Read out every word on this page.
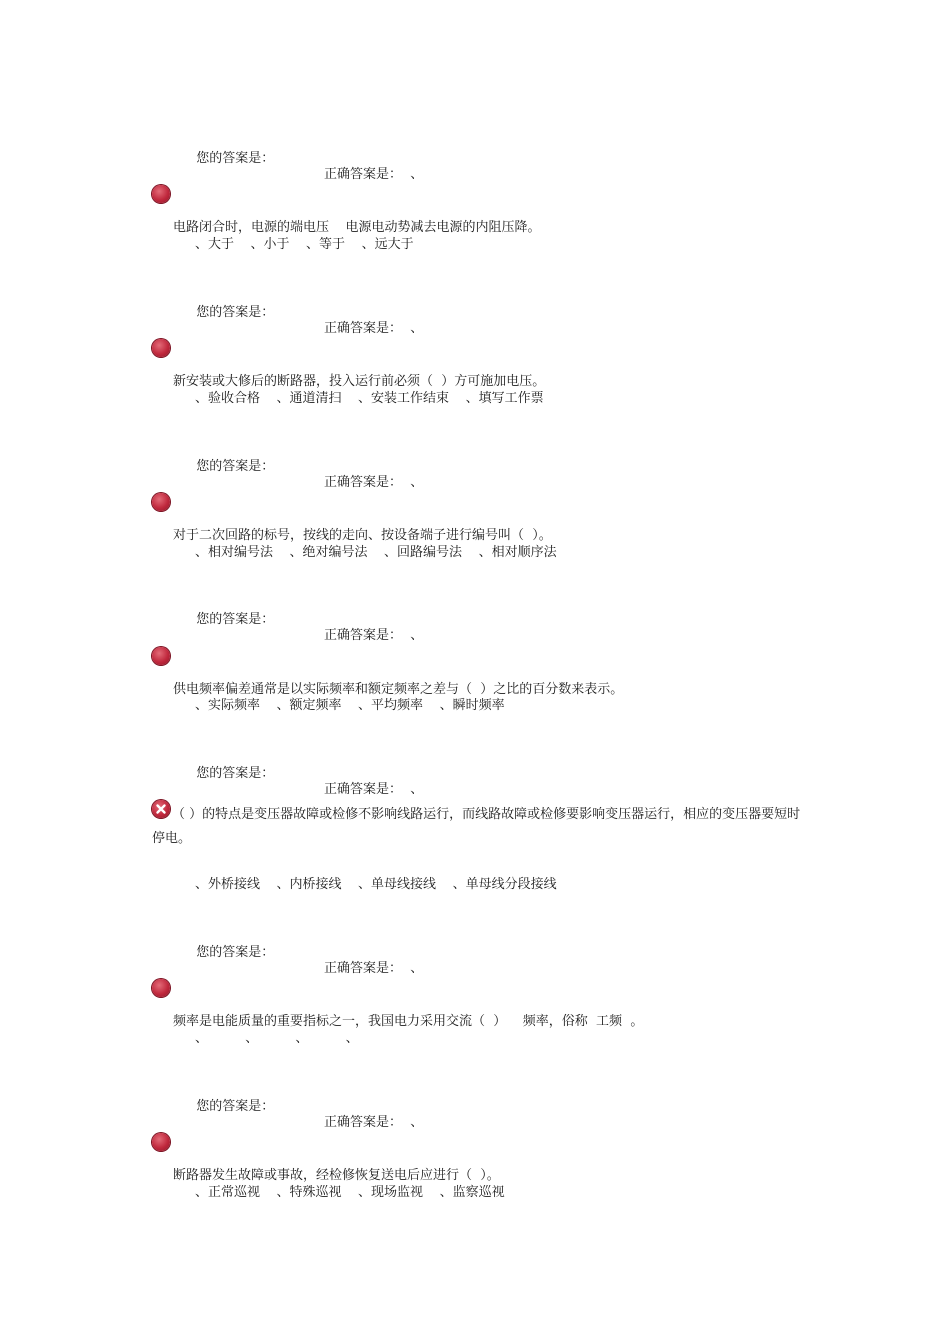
您的答案是：

正确答案是：  、

电路闭合时，电源的端电压    电源电动势减去电源的内阻压降。

、大于    、小于    、等于    、远大于

您的答案是：

正确答案是：  、

新安装或大修后的断路器，投入运行前必须（  ）方可施加电压。

、验收合格    、通道清扫    、安装工作结束    、填写工作票

您的答案是：

正确答案是：  、

对于二次回路的标号，按线的走向、按设备端子进行编号叫（  ）。

、相对编号法    、绝对编号法    、回路编号法    、相对顺序法

您的答案是：

正确答案是：  、

供电频率偏差通常是以实际频率和额定频率之差与（  ）之比的百分数来表示。

、实际频率    、额定频率    、平均频率    、瞬时频率

您的答案是：

正确答案是：  、

（ ）的特点是变压器故障或检修不影响线路运行，而线路故障或检修要影响变压器运行，相应的变压器要短时停电。
、外桥接线    、内桥接线    、单母线接线    、单母线分段接线

您的答案是：

正确答案是：  、

频率是电能质量的重要指标之一，我国电力采用交流（  ）    频率，俗称  工频  。

、         、         、         、

您的答案是：

正确答案是：  、

断路器发生故障或事故，经检修恢复送电后应进行（  ）。

、正常巡视    、特殊巡视    、现场监视    、监察巡视
